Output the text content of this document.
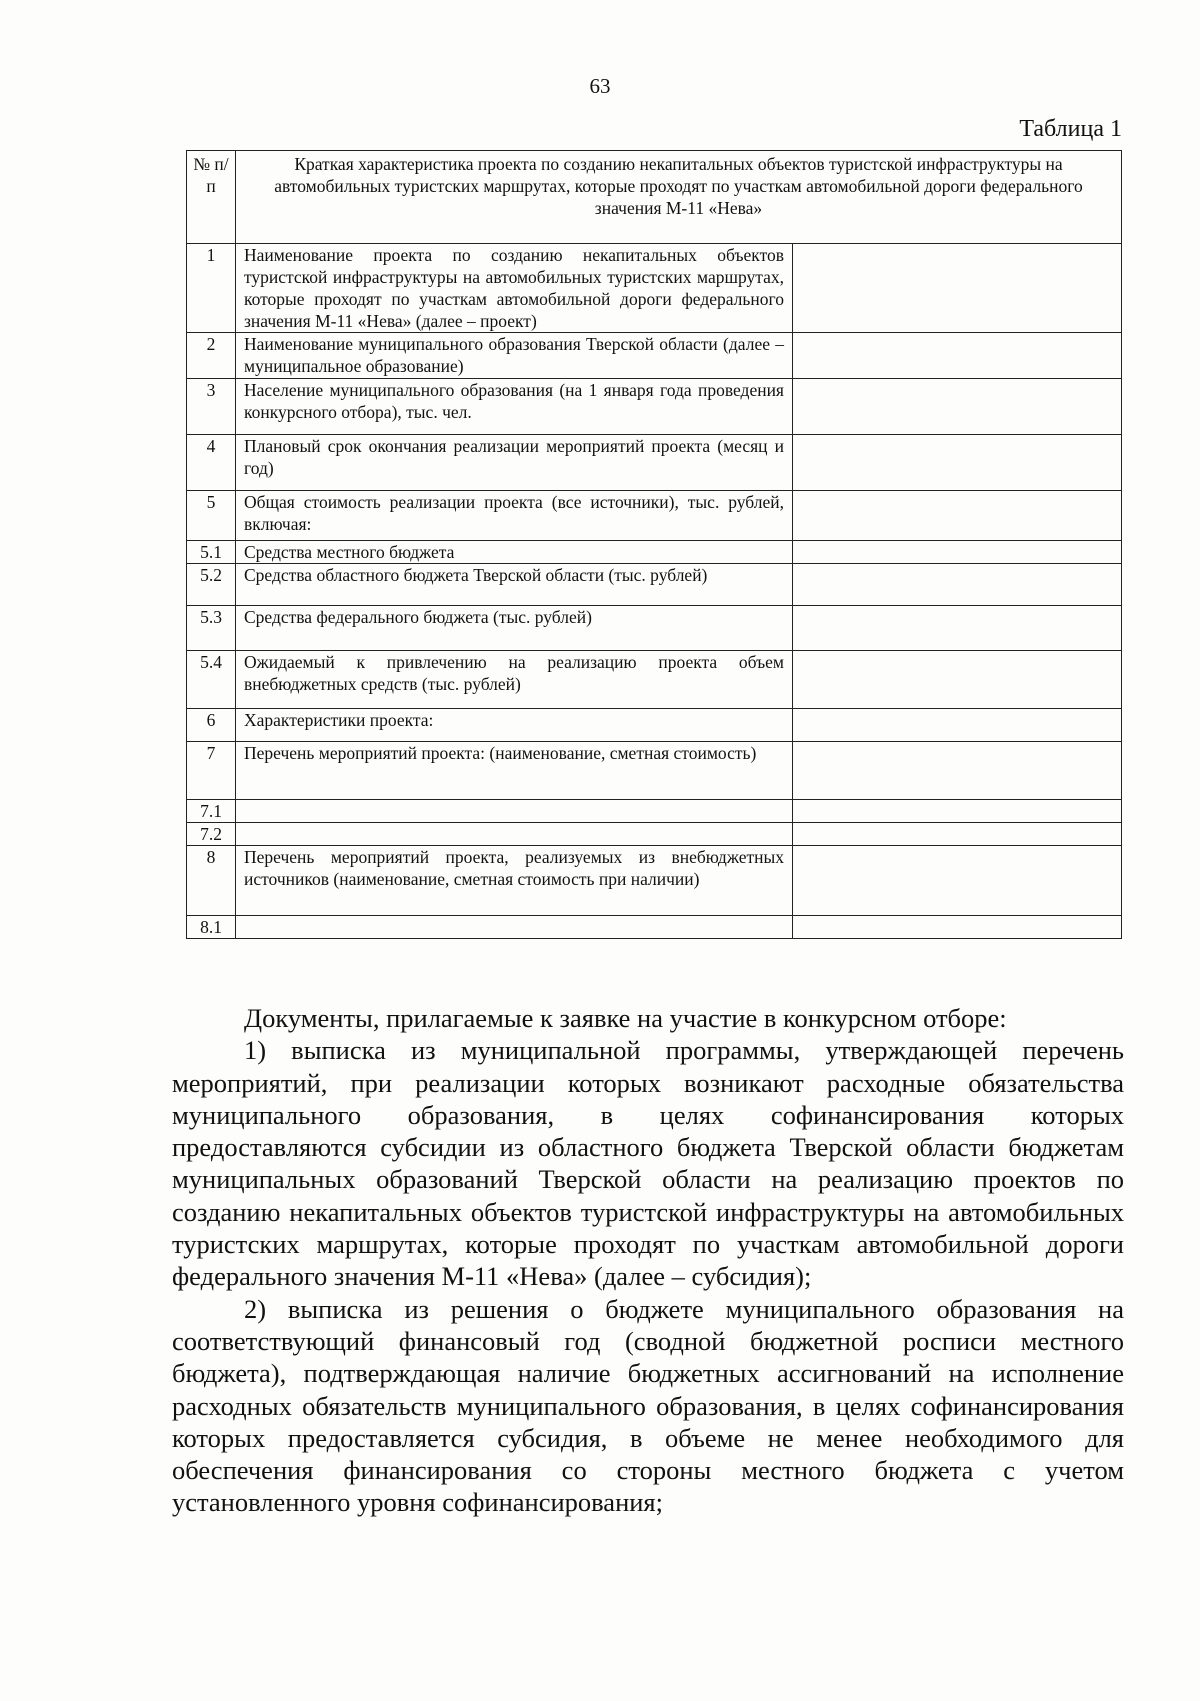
63
Таблица 1
№ п/п	Краткая характеристика проекта по созданию некапитальных объектов туристской инфраструктуры на автомобильных туристских маршрутах, которые проходят по участкам автомобильной дороги федерального значения М-11 «Нева»	
1	Наименование проекта по созданию некапитальных объектов туристской инфраструктуры на автомобильных туристских маршрутах, которые проходят по участкам автомобильной дороги федерального значения М-11 «Нева» (далее – проект)	
2	Наименование муниципального образования Тверской области (далее – муниципальное образование)	
3	Население муниципального образования (на 1 января года проведения конкурсного отбора), тыс. чел.	
4	Плановый срок окончания реализации мероприятий проекта (месяц и год)	
5	Общая стоимость реализации проекта (все источники), тыс. рублей, включая:	
5.1	Средства местного бюджета	
5.2	Средства областного бюджета Тверской области (тыс. рублей)	
5.3	Средства федерального бюджета (тыс. рублей)	
5.4	Ожидаемый к привлечению на реализацию проекта объем внебюджетных средств (тыс. рублей)	
6	Характеристики проекта:	
7	Перечень мероприятий проекта: (наименование, сметная стоимость)	
7.1		
7.2		
8	Перечень мероприятий проекта, реализуемых из внебюджетных источников (наименование, сметная стоимость при наличии)	
8.1		

Документы, прилагаемые к заявке на участие в конкурсном отборе:

1) выписка из муниципальной программы, утверждающей перечень мероприятий, при реализации которых возникают расходные обязательства муниципального образования, в целях софинансирования которых предоставляются субсидии из областного бюджета Тверской области бюджетам муниципальных образований Тверской области на реализацию проектов по созданию некапитальных объектов туристской инфраструктуры на автомобильных туристских маршрутах, которые проходят по участкам автомобильной дороги федерального значения М-11 «Нева» (далее – субсидия);

2) выписка из решения о бюджете муниципального образования на соответствующий финансовый год (сводной бюджетной росписи местного бюджета), подтверждающая наличие бюджетных ассигнований на исполнение расходных обязательств муниципального образования, в целях софинансирования которых предоставляется субсидия, в объеме не менее необходимого для обеспечения финансирования со стороны местного бюджета с учетом установленного уровня софинансирования;
